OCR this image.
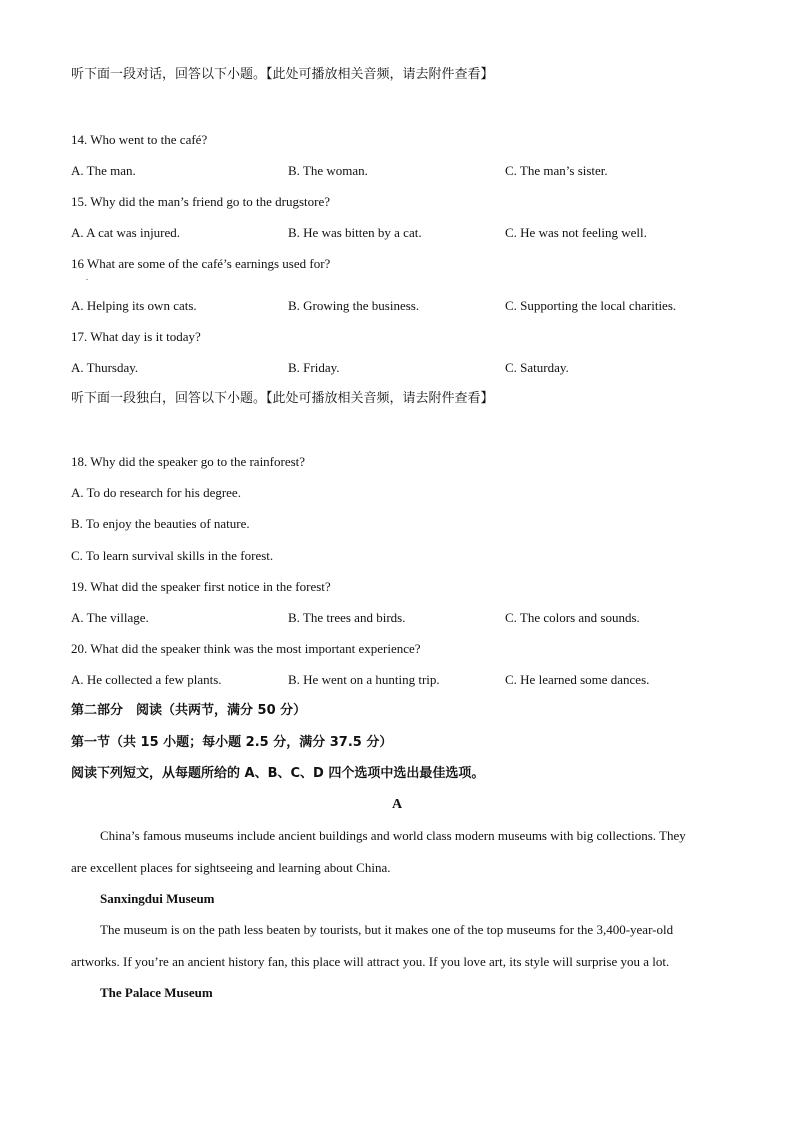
听下面一段对话，回答以下小题。【此处可播放相关音频，请去附件查看】
14. Who went to the café?
A. The man.	B. The woman.	C. The man’s sister.
15. Why did the man’s friend go to the drugstore?
A. A cat was injured.	B. He was bitten by a cat.	C. He was not feeling well.
16 What are some of the café’s earnings used for?
.
A. Helping its own cats.	B. Growing the business.	C. Supporting the local charities.
17. What day is it today?
A. Thursday.	B. Friday.	C. Saturday.
听下面一段独白，回答以下小题。【此处可播放相关音频，请去附件查看】
18. Why did the speaker go to the rainforest?
A. To do research for his degree.
B. To enjoy the beauties of nature.
C. To learn survival skills in the forest.
19. What did the speaker first notice in the forest?
A. The village.	B. The trees and birds.	C. The colors and sounds.
20. What did the speaker think was the most important experience?
A. He collected a few plants.	B. He went on a hunting trip.	C. He learned some dances.
第二部分　阅读（共两节，满分 50 分）
第一节（共 15 小题；每小题 2.5 分，满分 37.5 分）
阅读下列短文，从每题所给的 A、B、C、D 四个选项中选出最佳选项。
A
China’s famous museums include ancient buildings and world class modern museums with big collections. They
are excellent places for sightseeing and learning about China.
Sanxingdui Museum
The museum is on the path less beaten by tourists, but it makes one of the top museums for the 3,400-year-old
artworks. If you’re an ancient history fan, this place will attract you. If you love art, its style will surprise you a lot.
The Palace Museum
